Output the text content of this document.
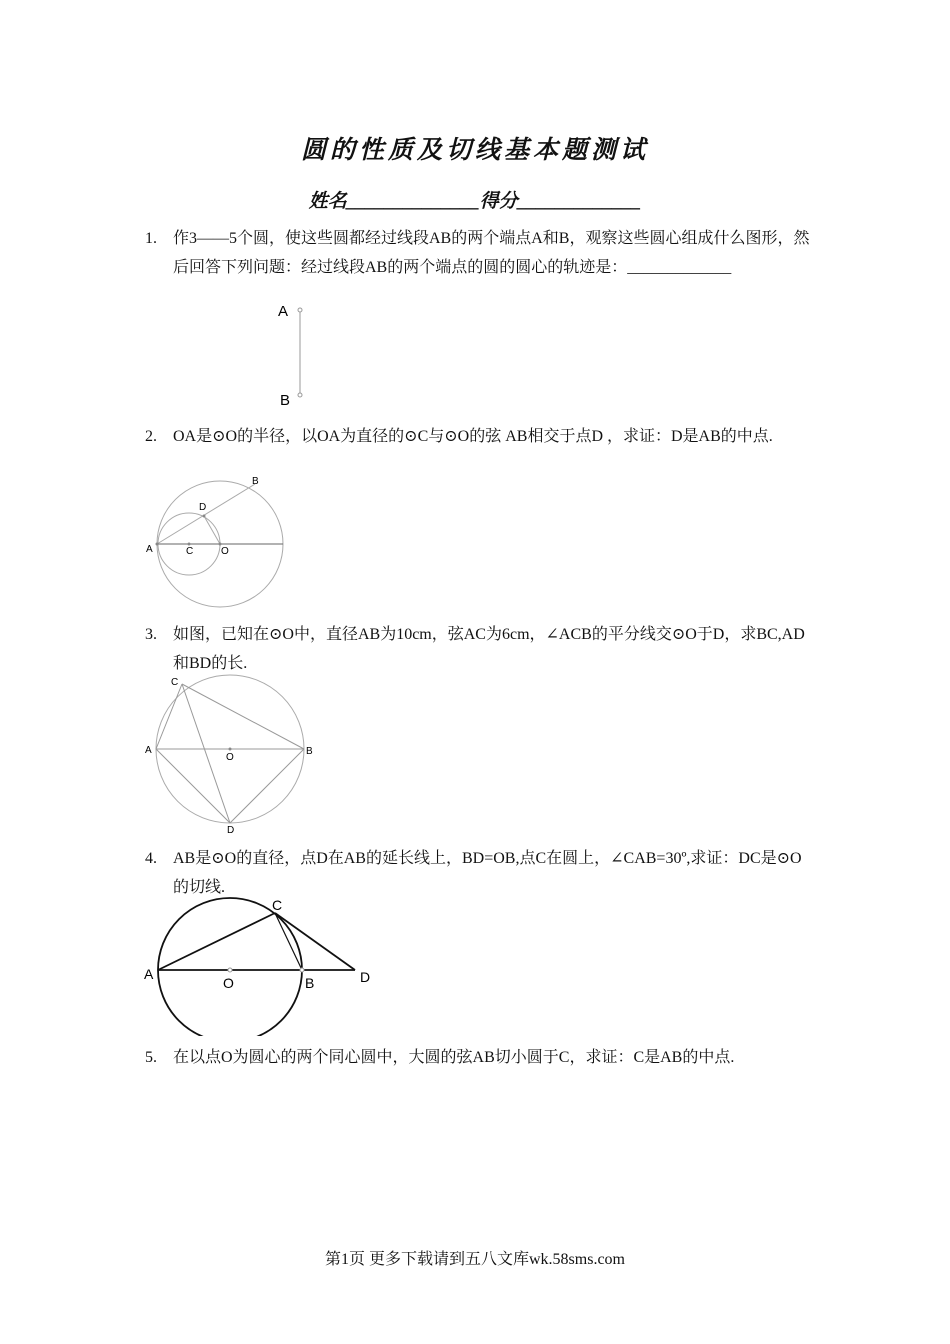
圆的性质及切线基本题测试
姓名______________得分_____________
1.	作3——5个圆，使这些圆都经过线段AB的两个端点A和B，观察这些圆心组成什么图形，然后回答下列问题：经过线段AB的两个端点的圆的圆心的轨迹是：_____________
A
B
2.	OA是⊙O的半径，以OA为直径的⊙C与⊙O的弦 AB相交于点D ，求证：D是AB的中点.
A
B
C
D
O
3.	如图，已知在⊙O中，直径AB为10cm，弦AC为6cm，∠ACB的平分线交⊙O于D，求BC,AD和BD的长.
C
A	B
O
D
4.	AB是⊙O的直径，点D在AB的延长线上，BD=OB,点C在圆上，∠CAB=30º,求证：DC是⊙O的切线.
C
A
O	B	D
5.	在以点O为圆心的两个同心圆中，大圆的弦AB切小圆于C，求证：C是AB的中点.
第1页 更多下载请到五八文库wk.58sms.com
